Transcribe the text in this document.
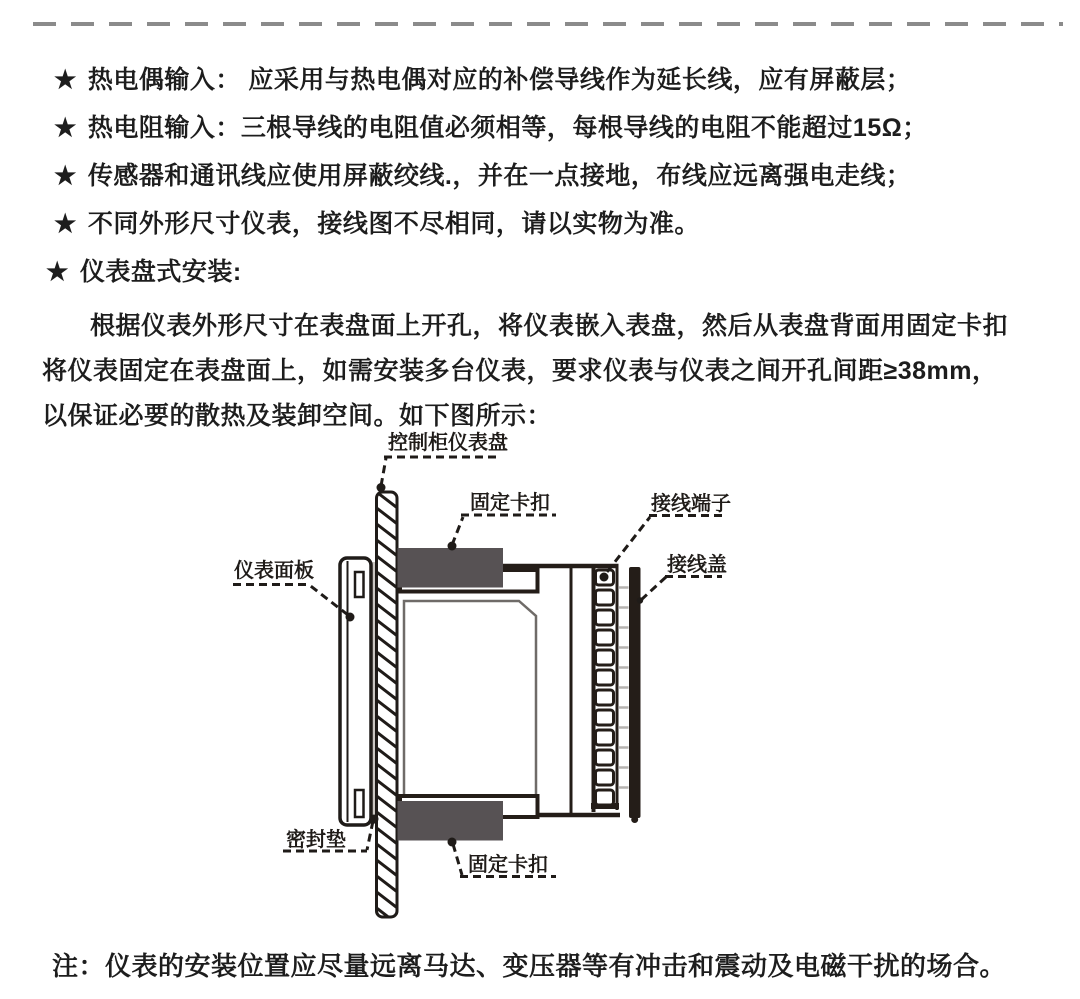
★ 热电偶输入： 应采用与热电偶对应的补偿导线作为延长线，应有屏蔽层；
★ 热电阻输入：三根导线的电阻值必须相等，每根导线的电阻不能超过15Ω；
★ 传感器和通讯线应使用屏蔽绞线.，并在一点接地，布线应远离强电走线；
★ 不同外形尺寸仪表，接线图不尽相同，请以实物为准。
★ 仪表盘式安装:
根据仪表外形尺寸在表盘面上开孔，将仪表嵌入表盘，然后从表盘背面用固定卡扣
将仪表固定在表盘面上，如需安装多台仪表，要求仪表与仪表之间开孔间距≥38mm，
以保证必要的散热及装卸空间。如下图所示：
控制柜仪表盘
固定卡扣	接线端子
接线盖
仪表面板
密封垫
固定卡扣
注：仪表的安装位置应尽量远离马达、变压器等有冲击和震动及电磁干扰的场合。
